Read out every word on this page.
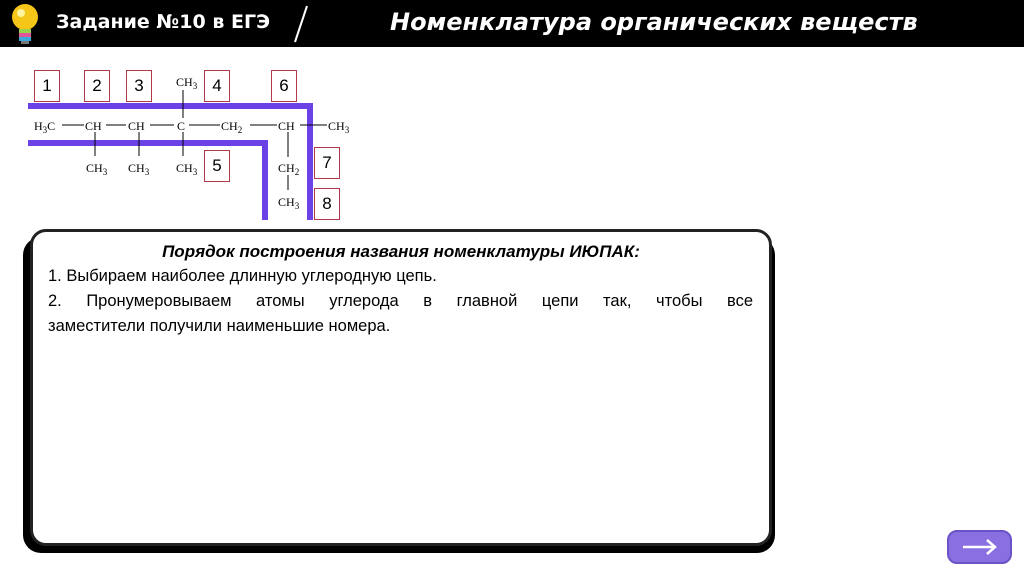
Задание №10 в ЕГЭ	Номенклатура органических веществ
$H_3C$ CH CH	C	$CH_2$	CH	$CH_3$
$CH_3$ $CH_3$
$CH_3$
$CH_3$	$CH_2$
$CH_3$
1	2	3	4
5
6
7
8
Порядок построения названия номенклатуры ИЮПАК:
1. Выбираем наиболее длинную углеродную цепь.
2. Пронумеровываем атомы углерода в главной цепи так, чтобы все
заместители получили наименьшие номера.
